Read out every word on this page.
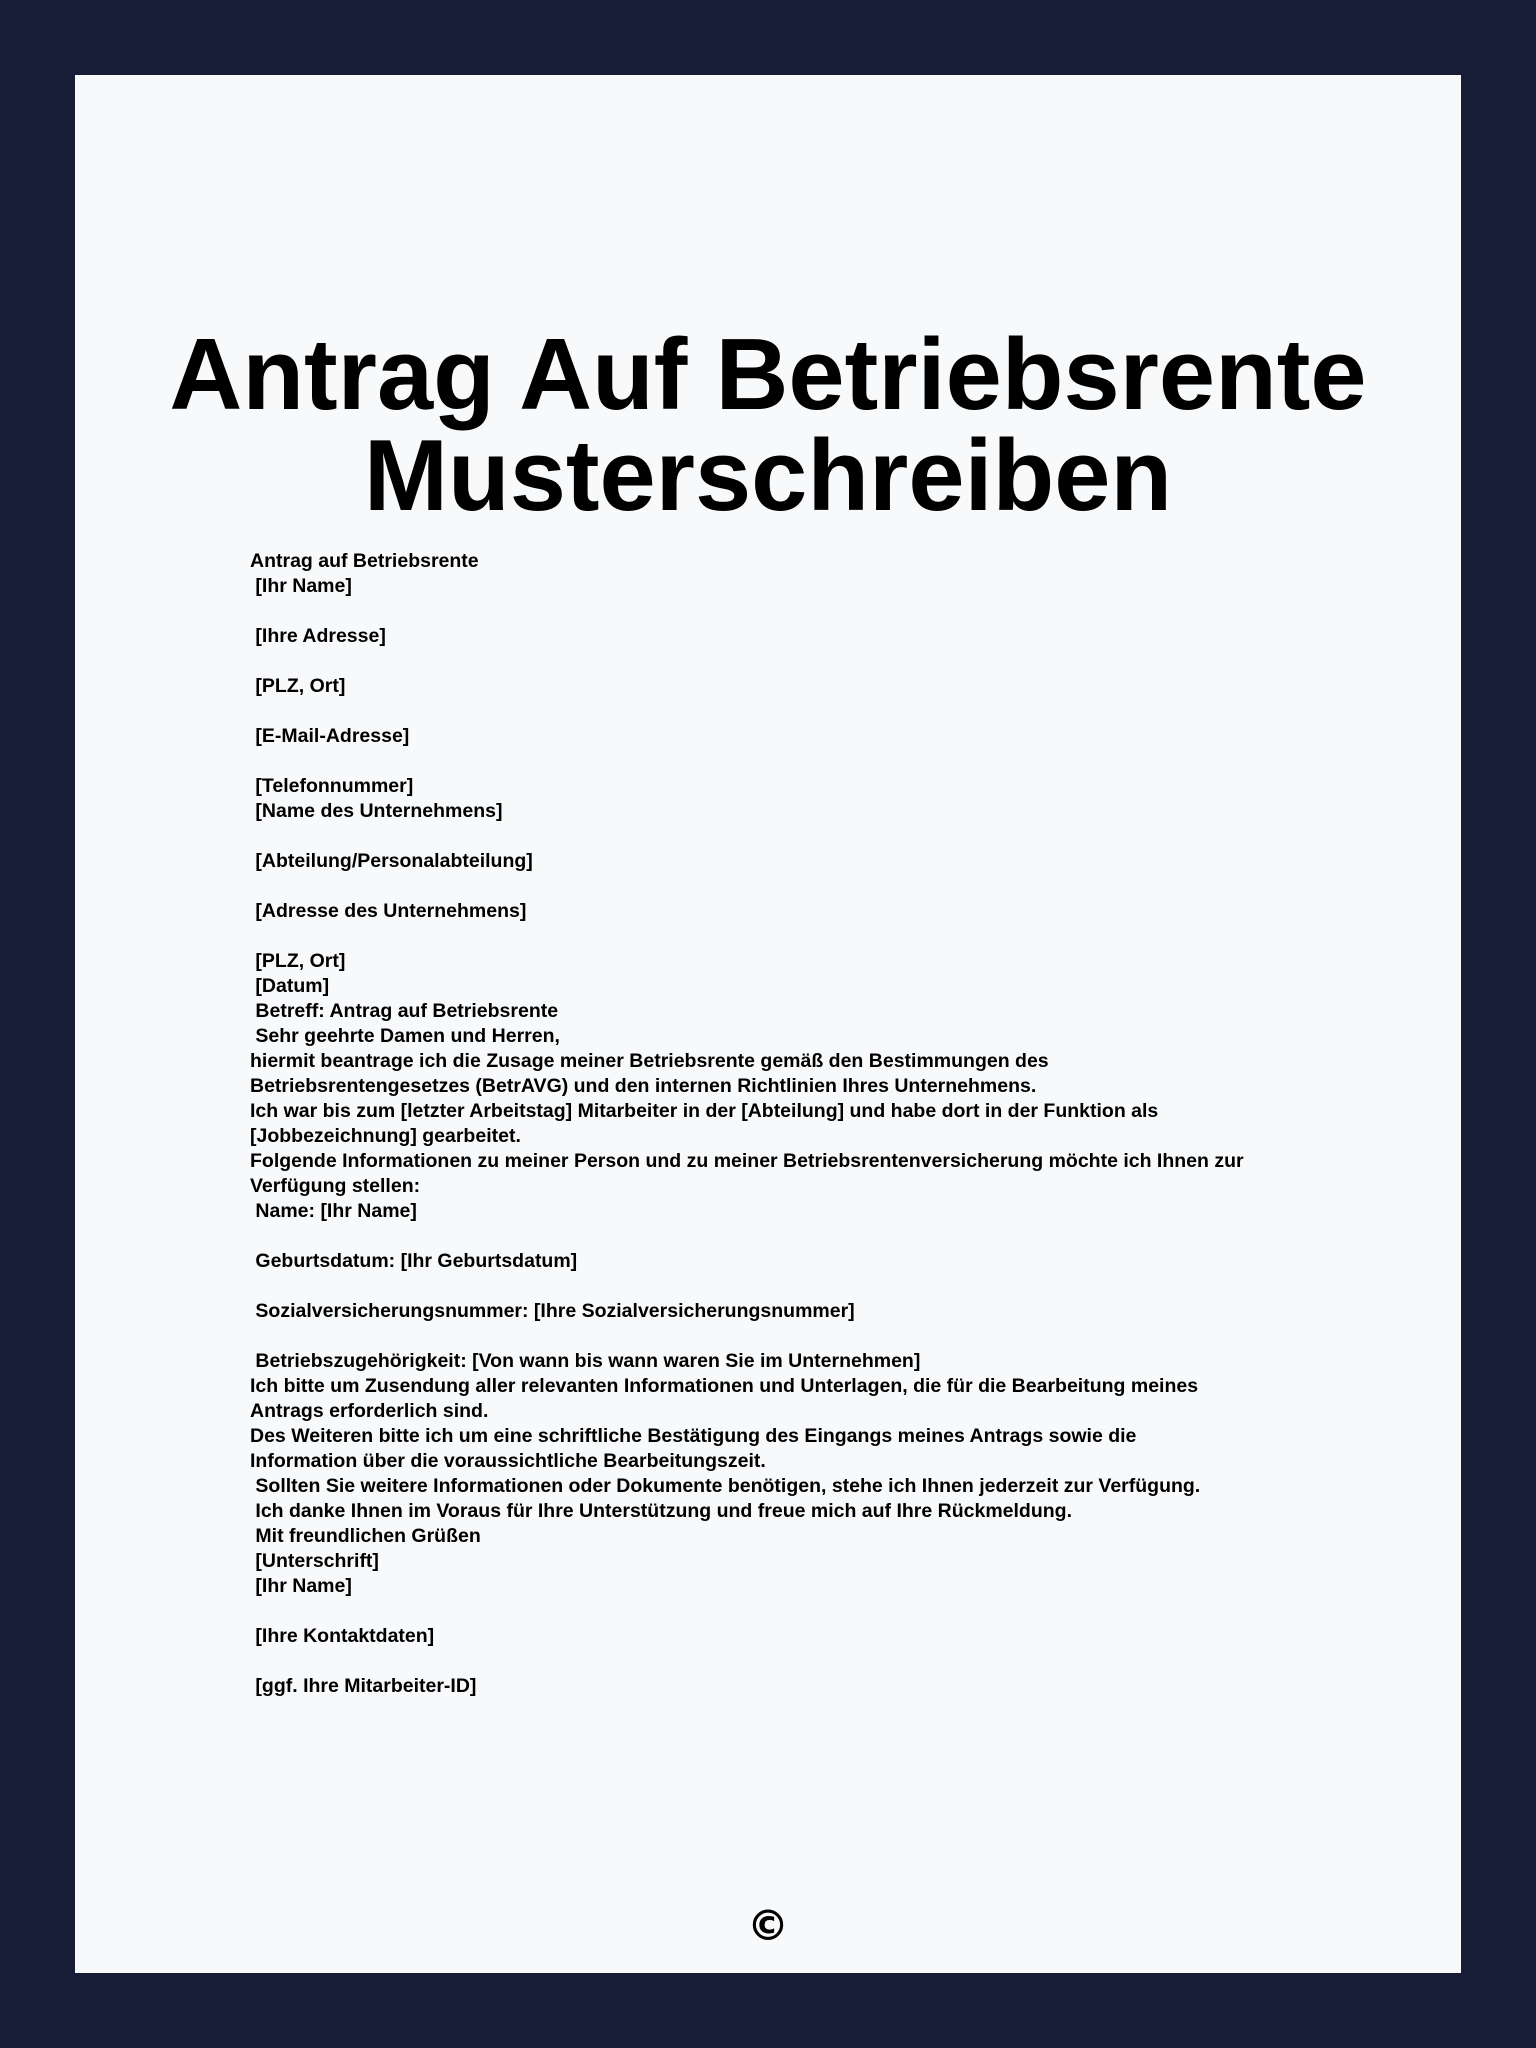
Antrag Auf Betriebsrente
Musterschreiben
Antrag auf Betriebsrente
[Ihr Name]
[Ihre Adresse]
[PLZ, Ort]
[E-Mail-Adresse]
[Telefonnummer]
[Name des Unternehmens]
[Abteilung/Personalabteilung]
[Adresse des Unternehmens]
[PLZ, Ort]
[Datum]
Betreff: Antrag auf Betriebsrente
Sehr geehrte Damen und Herren,
hiermit beantrage ich die Zusage meiner Betriebsrente gemäß den Bestimmungen des
Betriebsrentengesetzes (BetrAVG) und den internen Richtlinien Ihres Unternehmens.
Ich war bis zum [letzter Arbeitstag] Mitarbeiter in der [Abteilung] und habe dort in der Funktion als
[Jobbezeichnung] gearbeitet.
Folgende Informationen zu meiner Person und zu meiner Betriebsrentenversicherung möchte ich Ihnen zur
Verfügung stellen:
Name: [Ihr Name]
Geburtsdatum: [Ihr Geburtsdatum]
Sozialversicherungsnummer: [Ihre Sozialversicherungsnummer]
Betriebszugehörigkeit: [Von wann bis wann waren Sie im Unternehmen]
Ich bitte um Zusendung aller relevanten Informationen und Unterlagen, die für die Bearbeitung meines
Antrags erforderlich sind.
Des Weiteren bitte ich um eine schriftliche Bestätigung des Eingangs meines Antrags sowie die
Information über die voraussichtliche Bearbeitungszeit.
Sollten Sie weitere Informationen oder Dokumente benötigen, stehe ich Ihnen jederzeit zur Verfügung.
Ich danke Ihnen im Voraus für Ihre Unterstützung und freue mich auf Ihre Rückmeldung.
Mit freundlichen Grüßen
[Unterschrift]
[Ihr Name]
[Ihre Kontaktdaten]
[ggf. Ihre Mitarbeiter-ID]
©
